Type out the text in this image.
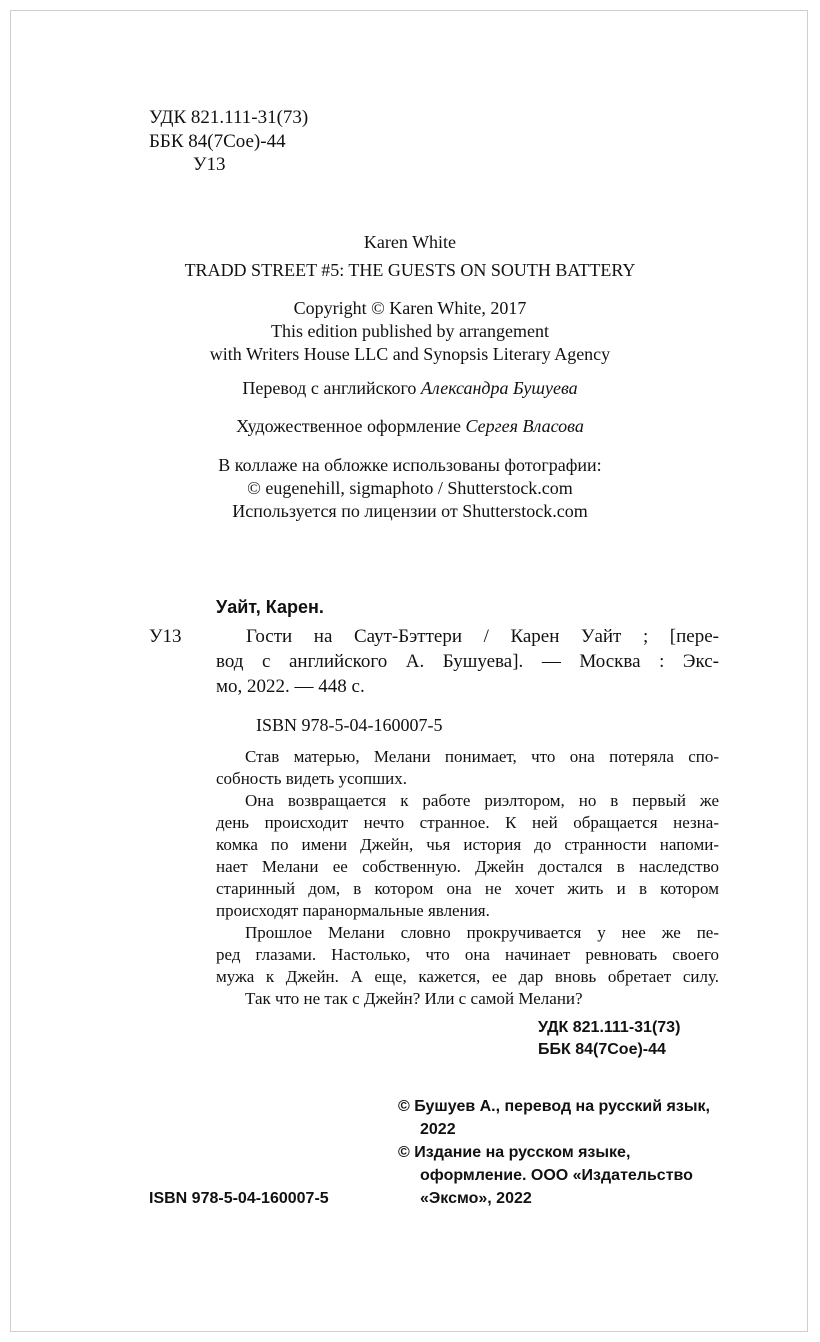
УДК 821.111-31(73)
ББК 84(7Сое)-44
У13
Karen White
TRADD STREET #5: THE GUESTS ON SOUTH BATTERY
Copyright © Karen White, 2017
This edition published by arrangement
with Writers House LLC and Synopsis Literary Agency
Перевод с английского Александра Бушуева
Художественное оформление Сергея Власова
В коллаже на обложке использованы фотографии:
© eugenehill, sigmaphoto / Shutterstock.com
Используется по лицензии от Shutterstock.com
Уайт, Карен.
У13	Гости на Саут-Бэттери / Карен Уайт ; [пере-
вод с английского А. Бушуева]. — Москва : Экс-
мо, 2022. — 448 с.
ISBN 978-5-04-160007-5
Став матерью, Мелани понимает, что она потеряла спо-
собность видеть усопших.
Она возвращается к работе риэлтором, но в первый же
день происходит нечто странное. К ней обращается незна-
комка по имени Джейн, чья история до странности напоми-
нает Мелани ее собственную. Джейн достался в наследство
старинный дом, в котором она не хочет жить и в котором
происходят паранормальные явления.
Прошлое Мелани словно прокручивается у нее же пе-
ред глазами. Настолько, что она начинает ревновать своего
мужа к Джейн. А еще, кажется, ее дар вновь обретает силу.
Так что не так с Джейн? Или с самой Мелани?
УДК 821.111-31(73)
ББК 84(7Сое)-44
© Бушуев А., перевод на русский язык,
2022
© Издание на русском языке,
оформление. ООО «Издательство
«Эксмо», 2022
ISBN 978-5-04-160007-5
